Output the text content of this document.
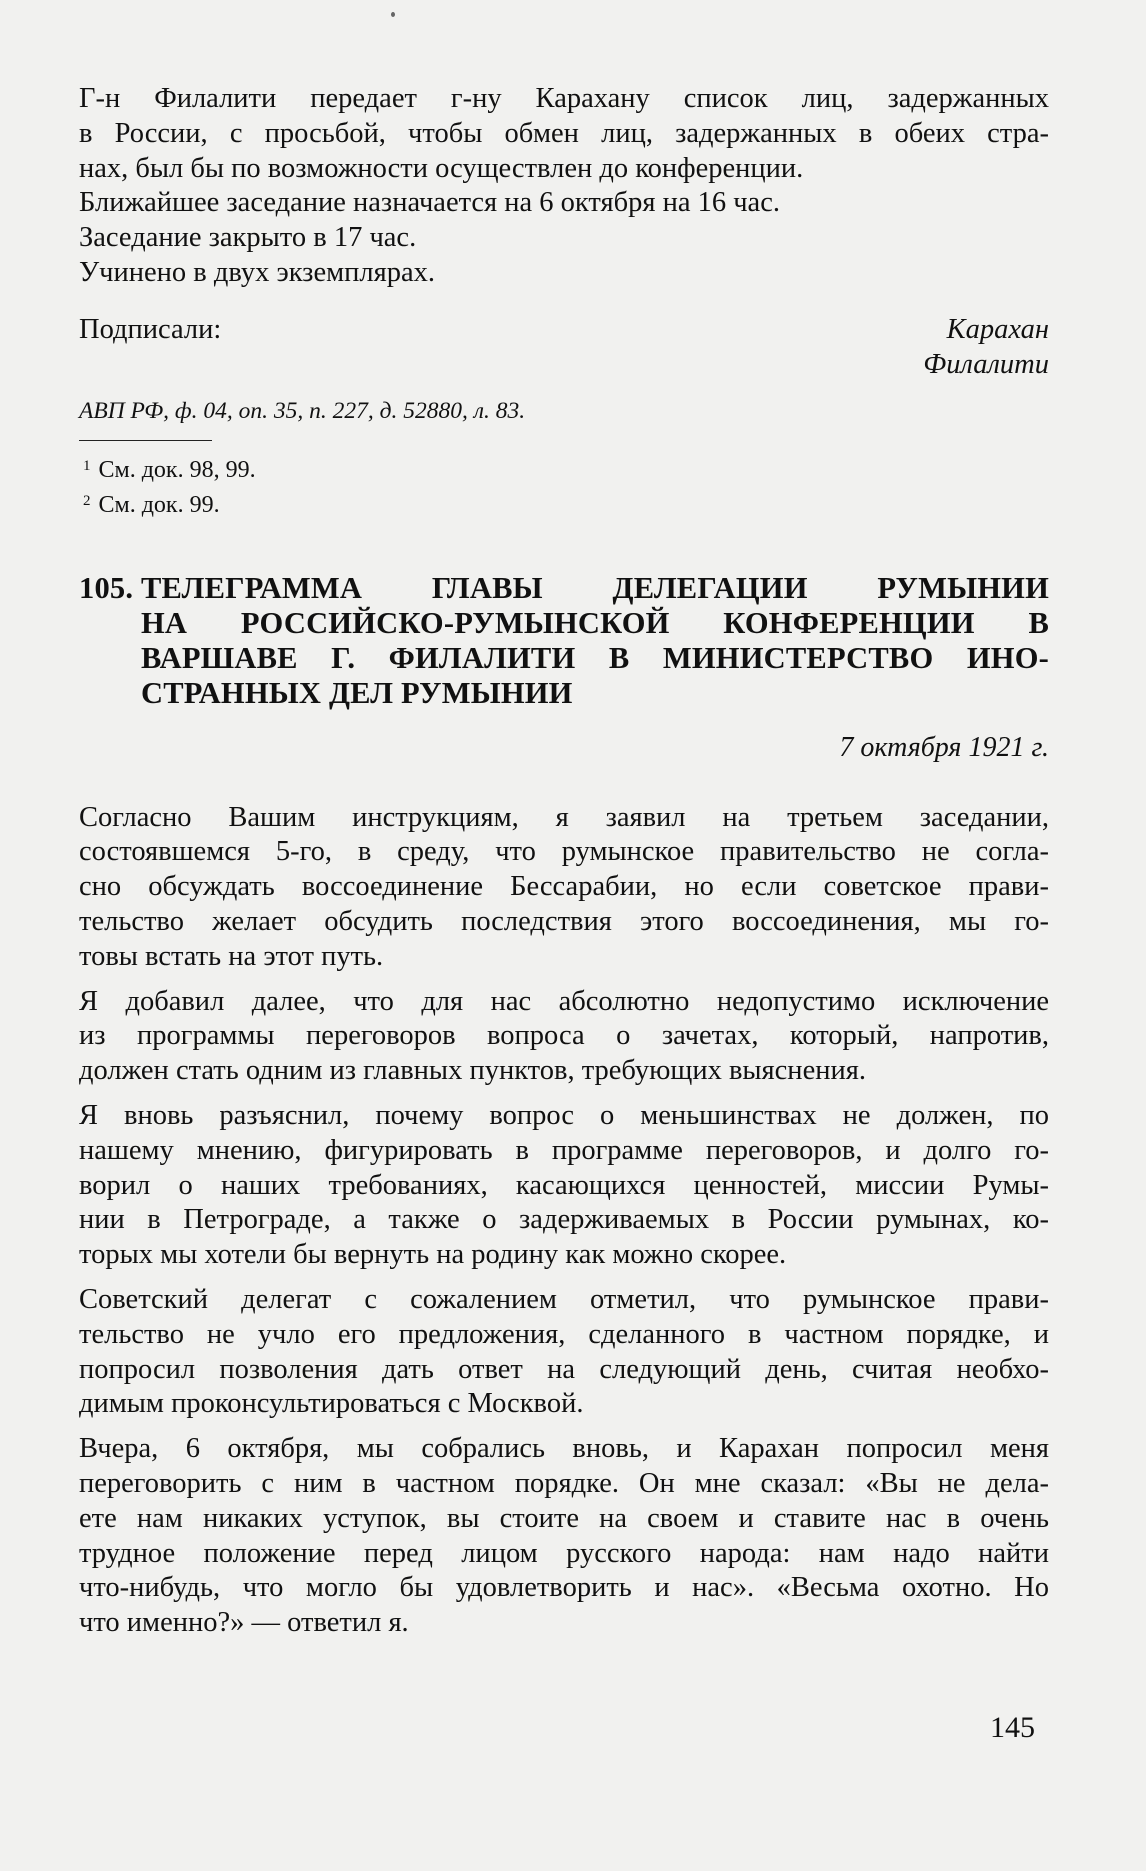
Г-н Филалити передает г-ну Карахану список лиц, задержанных
в России, с просьбой, чтобы обмен лиц, задержанных в обеих стра-
нах, был бы по возможности осуществлен до конференции.
Ближайшее заседание назначается на 6 октября на 16 час.
Заседание закрыто в 17 час.
Учинено в двух экземплярах.
Подписали:	Карахан
Филалити
АВП РФ, ф. 04, оп. 35, п. 227, д. 52880, л. 83.
$^1$ См. док. 98, 99.
$^2$ См. док. 99.
105. ТЕЛЕГРАММА ГЛАВЫ ДЕЛЕГАЦИИ РУМЫНИИ
НА РОССИЙСКО-РУМЫНСКОЙ КОНФЕРЕНЦИИ В
ВАРШАВЕ Г. ФИЛАЛИТИ В МИНИСТЕРСТВО ИНО-
СТРАННЫХ ДЕЛ РУМЫНИИ
7 октября 1921 г.
Согласно Вашим инструкциям, я заявил на третьем заседании,
состоявшемся 5-го, в среду, что румынское правительство не согла-
сно обсуждать воссоединение Бессарабии, но если советское прави-
тельство желает обсудить последствия этого воссоединения, мы го-
товы встать на этот путь.
Я добавил далее, что для нас абсолютно недопустимо исключение
из программы переговоров вопроса о зачетах, который, напротив,
должен стать одним из главных пунктов, требующих выяснения.
Я вновь разъяснил, почему вопрос о меньшинствах не должен, по
нашему мнению, фигурировать в программе переговоров, и долго го-
ворил о наших требованиях, касающихся ценностей, миссии Румы-
нии в Петрограде, а также о задерживаемых в России румынах, ко-
торых мы хотели бы вернуть на родину как можно скорее.
Советский делегат с сожалением отметил, что румынское прави-
тельство не учло его предложения, сделанного в частном порядке, и
попросил позволения дать ответ на следующий день, считая необхо-
димым проконсультироваться с Москвой.
Вчера, 6 октября, мы собрались вновь, и Карахан попросил меня
переговорить с ним в частном порядке. Он мне сказал: «Вы не дела-
ете нам никаких уступок, вы стоите на своем и ставите нас в очень
трудное положение перед лицом русского народа: нам надо найти
что-нибудь, что могло бы удовлетворить и нас». «Весьма охотно. Но
что именно?» — ответил я.
145
